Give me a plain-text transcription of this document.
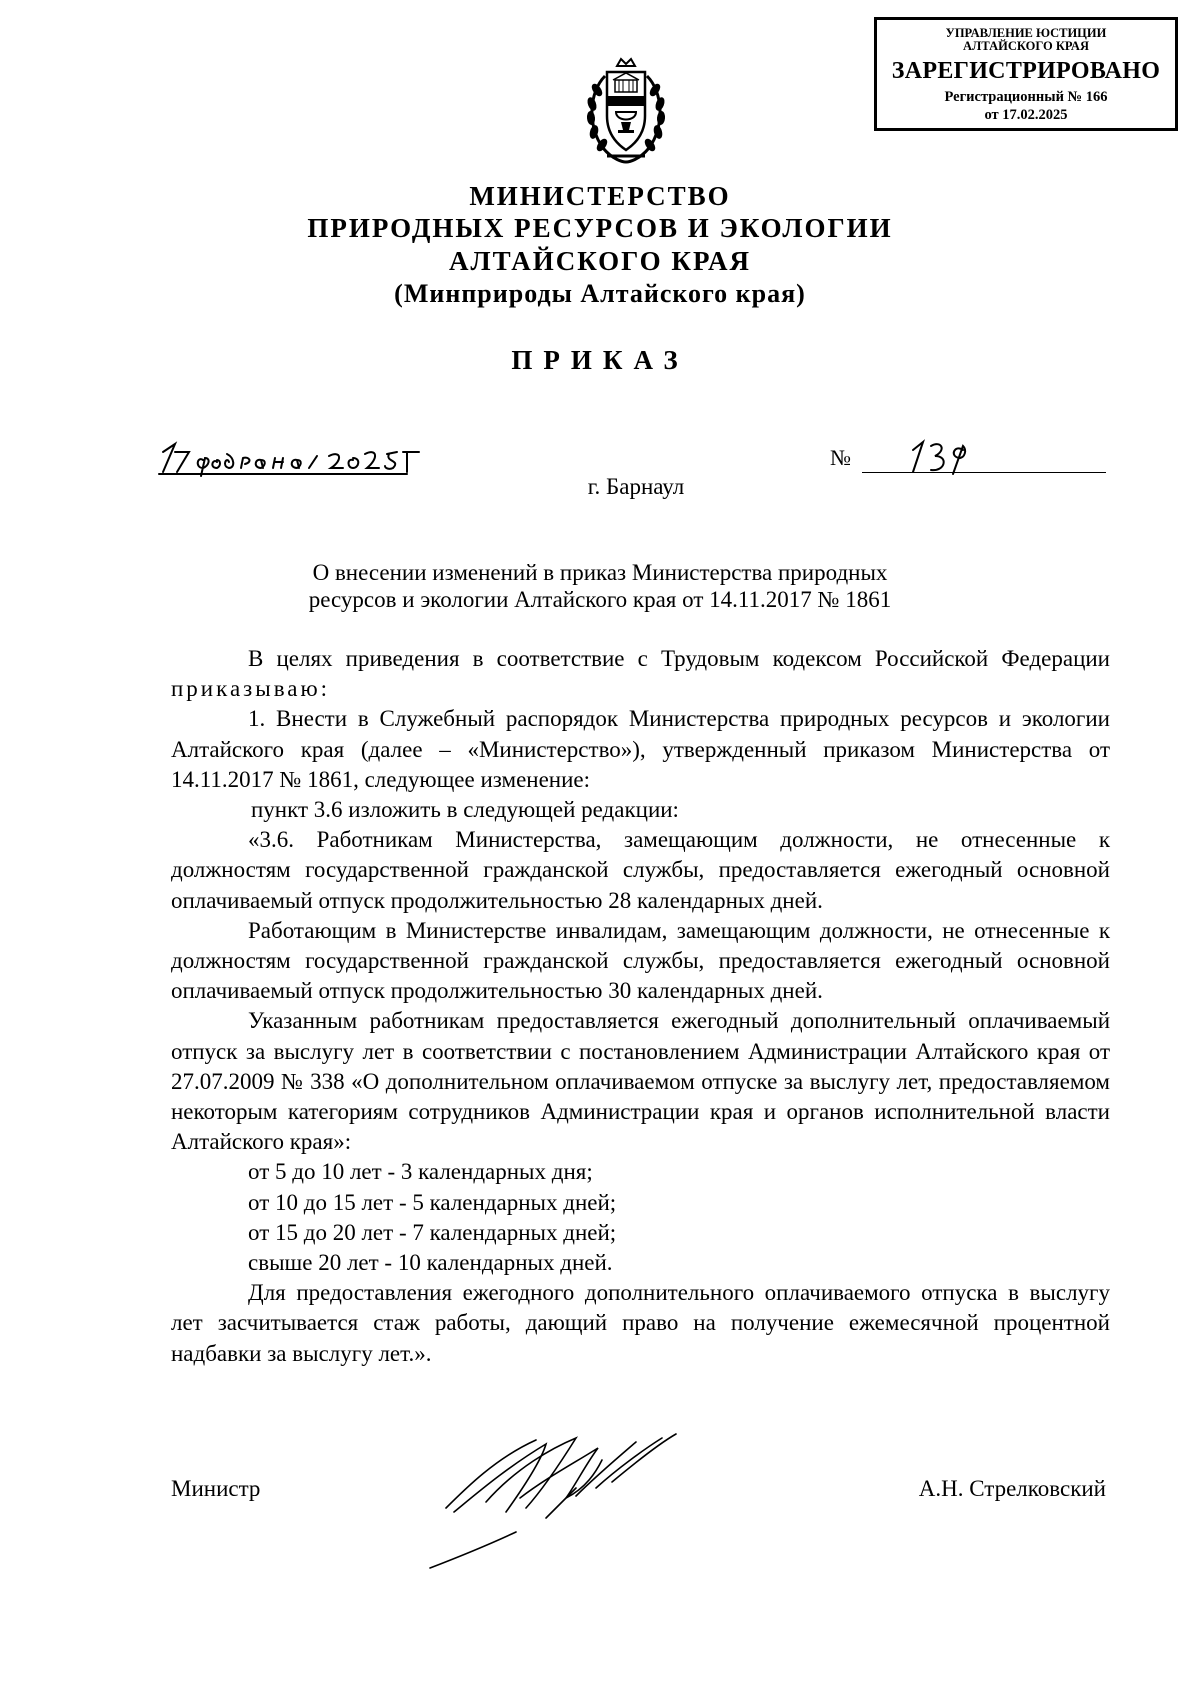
УПРАВЛЕНИЕ ЮСТИЦИИ
АЛТАЙСКОГО КРАЯ
ЗАРЕГИСТРИРОВАНО
Регистрационный № 166
от 17.02.2025
МИНИСТЕРСТВО
ПРИРОДНЫХ РЕСУРСОВ И ЭКОЛОГИИ
АЛТАЙСКОГО КРАЯ
(Минприроды Алтайского края)
ПРИКАЗ
№
г. Барнаул
О внесении изменений в приказ Министерства природных
ресурсов и экологии Алтайского края от 14.11.2017 № 1861

В целях приведения в соответствие с Трудовым кодексом Российской Федерации приказываю:

1. Внести в Служебный распорядок Министерства природных ресурсов и экологии Алтайского края (далее – «Министерство»), утвержденный приказом Министерства от 14.11.2017 № 1861, следующее изменение:

пункт 3.6 изложить в следующей редакции:

«3.6. Работникам Министерства, замещающим должности, не отнесенные к должностям государственной гражданской службы, предоставляется ежегодный основной оплачиваемый отпуск продолжительностью 28 календарных дней.

Работающим в Министерстве инвалидам, замещающим должности, не отнесенные к должностям государственной гражданской службы, предоставляется ежегодный основной оплачиваемый отпуск продолжительностью 30 календарных дней.

Указанным работникам предоставляется ежегодный дополнительный оплачиваемый отпуск за выслугу лет в соответствии с постановлением Администрации Алтайского края от 27.07.2009 № 338 «О дополнительном оплачиваемом отпуске за выслугу лет, предоставляемом некоторым категориям сотрудников Администрации края и органов исполнительной власти Алтайского края»:

от 5 до 10 лет - 3 календарных дня;
от 10 до 15 лет - 5 календарных дней;
от 15 до 20 лет - 7 календарных дней;
свыше 20 лет - 10 календарных дней.

Для предоставления ежегодного дополнительного оплачиваемого отпуска в выслугу лет засчитывается стаж работы, дающий право на получение ежемесячной процентной надбавки за выслугу лет.».

Министр	А.Н. Стрелковский
